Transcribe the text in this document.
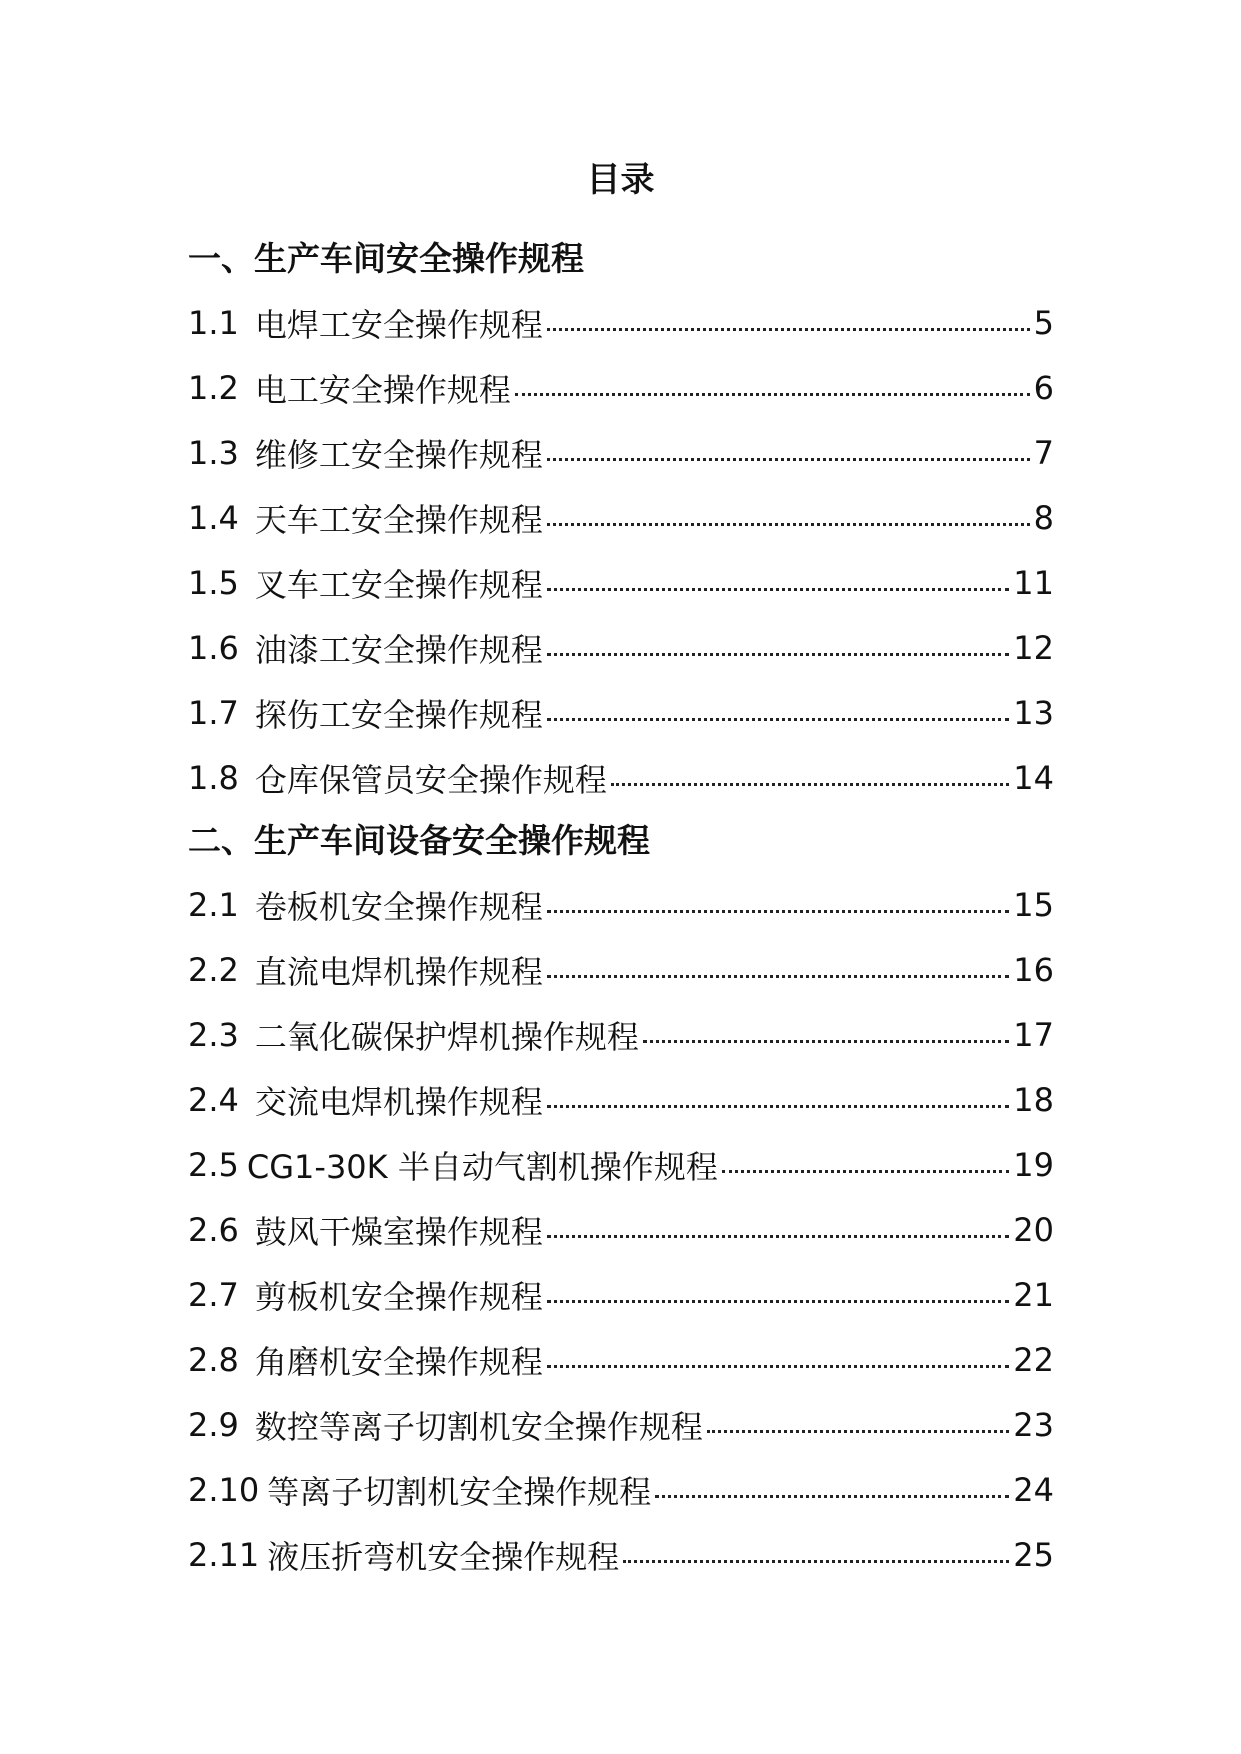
目录
一、生产车间安全操作规程
1.1 电焊工安全操作规程	5
1.2 电工安全操作规程	6
1.3 维修工安全操作规程	7
1.4 天车工安全操作规程	8
1.5 叉车工安全操作规程	11
1.6 油漆工安全操作规程	12
1.7 探伤工安全操作规程	13
1.8 仓库保管员安全操作规程	14
二、生产车间设备安全操作规程
2.1 卷板机安全操作规程	15
2.2 直流电焊机操作规程	16
2.3 二氧化碳保护焊机操作规程	17
2.4 交流电焊机操作规程	18
2.5 CG1-30K 半自动气割机操作规程	19
2.6 鼓风干燥室操作规程	20
2.7 剪板机安全操作规程	21
2.8 角磨机安全操作规程	22
2.9 数控等离子切割机安全操作规程	23
2.10 等离子切割机安全操作规程	24
2.11 液压折弯机安全操作规程	25
